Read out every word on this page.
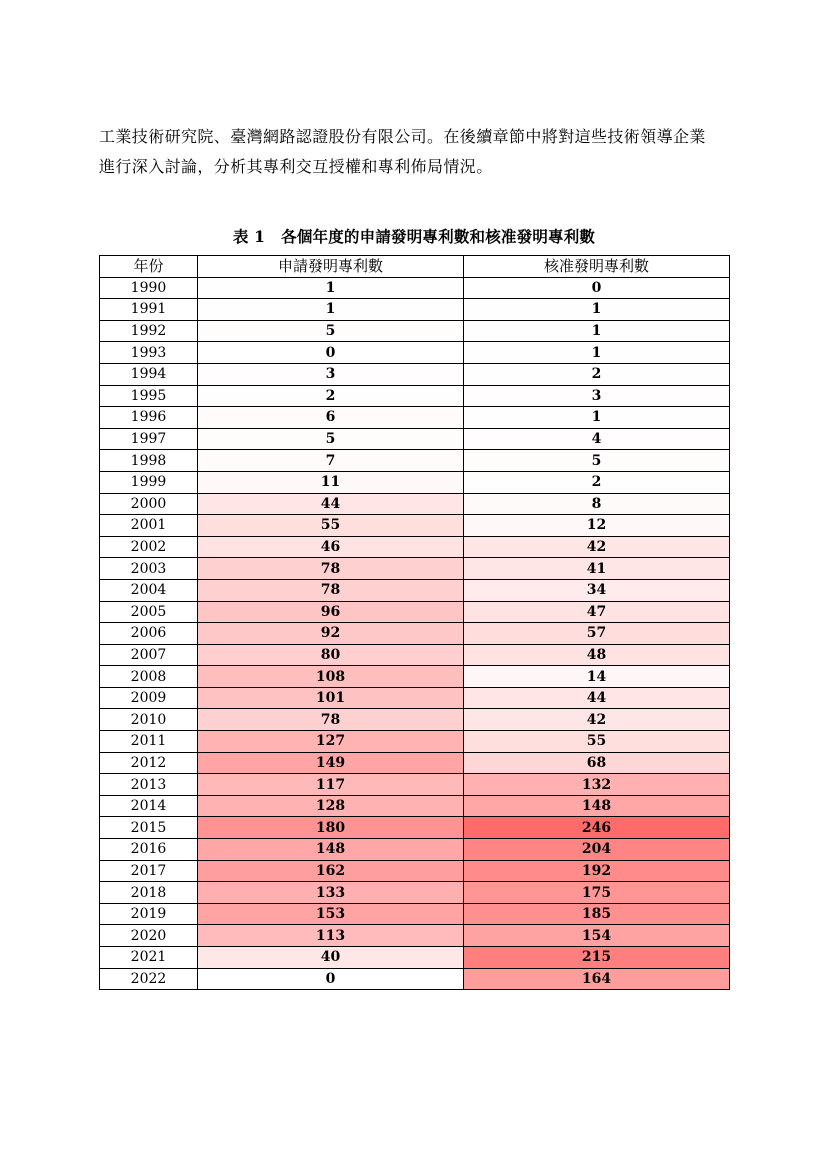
工業技術研究院、臺灣網路認證股份有限公司。在後續章節中將對這些技術領導企業

進行深入討論，分析其專利交互授權和專利佈局情況。

表 1 各個年度的申請發明專利數和核准發明專利數
年份	申請發明專利數	核准發明專利數
1990	1	0
1991	1	1
1992	5	1
1993	0	1
1994	3	2
1995	2	3
1996	6	1
1997	5	4
1998	7	5
1999	11	2
2000	44	8
2001	55	12
2002	46	42
2003	78	41
2004	78	34
2005	96	47
2006	92	57
2007	80	48
2008	108	14
2009	101	44
2010	78	42
2011	127	55
2012	149	68
2013	117	132
2014	128	148
2015	180	246
2016	148	204
2017	162	192
2018	133	175
2019	153	185
2020	113	154
2021	40	215
2022	0	164
